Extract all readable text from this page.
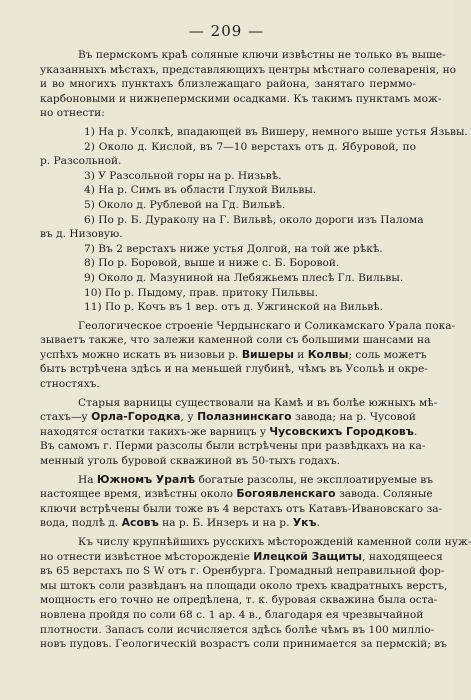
— 209 —
Въ пермскомъ краѣ соляные ключи извѣстны не только въ выше-
указанныхъ мѣстахъ, представляющихъ центры мѣстнаго солеваренія, но
и во многихъ пунктахъ близлежащаго района, занятаго перммо-
карбоновыми и нижнепермскими осадками. Къ такимъ пунктамъ мож-
но отнести:
1) На р. Усолкѣ, впадающей въ Вишеру, немного выше устья Язьвы.
2) Около д. Кислой, въ 7—10 верстахъ отъ д. Ябуровой, по
р. Разсольной.
3) У Разсольной горы на р. Низьвѣ.
4) На р. Симъ въ области Глухой Вильвы.
5) Около д. Рублевой на Гд. Вильвѣ.
6) По р. Б. Дураколу на Г. Вильвѣ, около дороги изъ Палома
въ д. Низовую.
7) Въ 2 верстахъ ниже устья Долгой, на той же рѣкѣ.
8) По р. Боровой, выше и ниже с. Б. Боровой.
9) Около д. Мазуниной на Лебяжьемъ плесѣ Гл. Вильвы.
10) По р. Пыдому, прав. притоку Пильвы.
11) По р. Кочъ въ 1 вер. отъ д. Ужгинской на Вильвѣ.
Геологическое строеніе Чердынскаго и Соликамскаго Урала пока-
зываетъ также, что залежи каменной соли съ большими шансами на
успѣхъ можно искать въ низовьи р. Вишеры и Колвы; соль можетъ
быть встрѣчена здѣсь и на меньшей глубинѣ, чѣмъ въ Усольѣ и окре-
стностяхъ.
Старыя варницы существовали на Камѣ и въ болѣе южныхъ мѣ-
стахъ—у Орла-Городка, у Полазнинскаго завода; на р. Чусовой
находятся остатки такихъ-же варницъ у Чусовскихъ Городковъ.
Въ самомъ г. Перми разсолы были встрѣчены при развѣдкахъ на ка-
менный уголь буровой скважиной въ 50-тыхъ годахъ.
На Южномъ Уралѣ богатые разсолы, не эксплоатируемые въ
настоящее время, извѣстны около Богоявленскаго завода. Соляные
ключи встрѣчены были тоже въ 4 верстахъ отъ Катавъ-Ивановскаго за-
вода, подлѣ д. Асовъ на р. Б. Инзеръ и на р. Укъ.
Къ числу крупнѣйшихъ русскихъ мѣсторожденій каменной соли нуж-
но отнести извѣстное мѣсторожденіе Илецкой Защиты, находящееся
въ 65 верстахъ по S W отъ г. Оренбурга. Громадный неправильной фор-
мы штокъ соли развѣданъ на площади около трехъ квадратныхъ верстъ,
мощность его точно не опредѣлена, т. к. буровая скважина была оста-
новлена пройдя по соли 68 с. 1 ар. 4 в., благодаря ея чрезвычайной
плотности. Запасъ соли исчисляется здѣсь болѣе чѣмъ въ 100 милліо-
новъ пудовъ. Геологическій возрастъ соли принимается за пермскій; въ
